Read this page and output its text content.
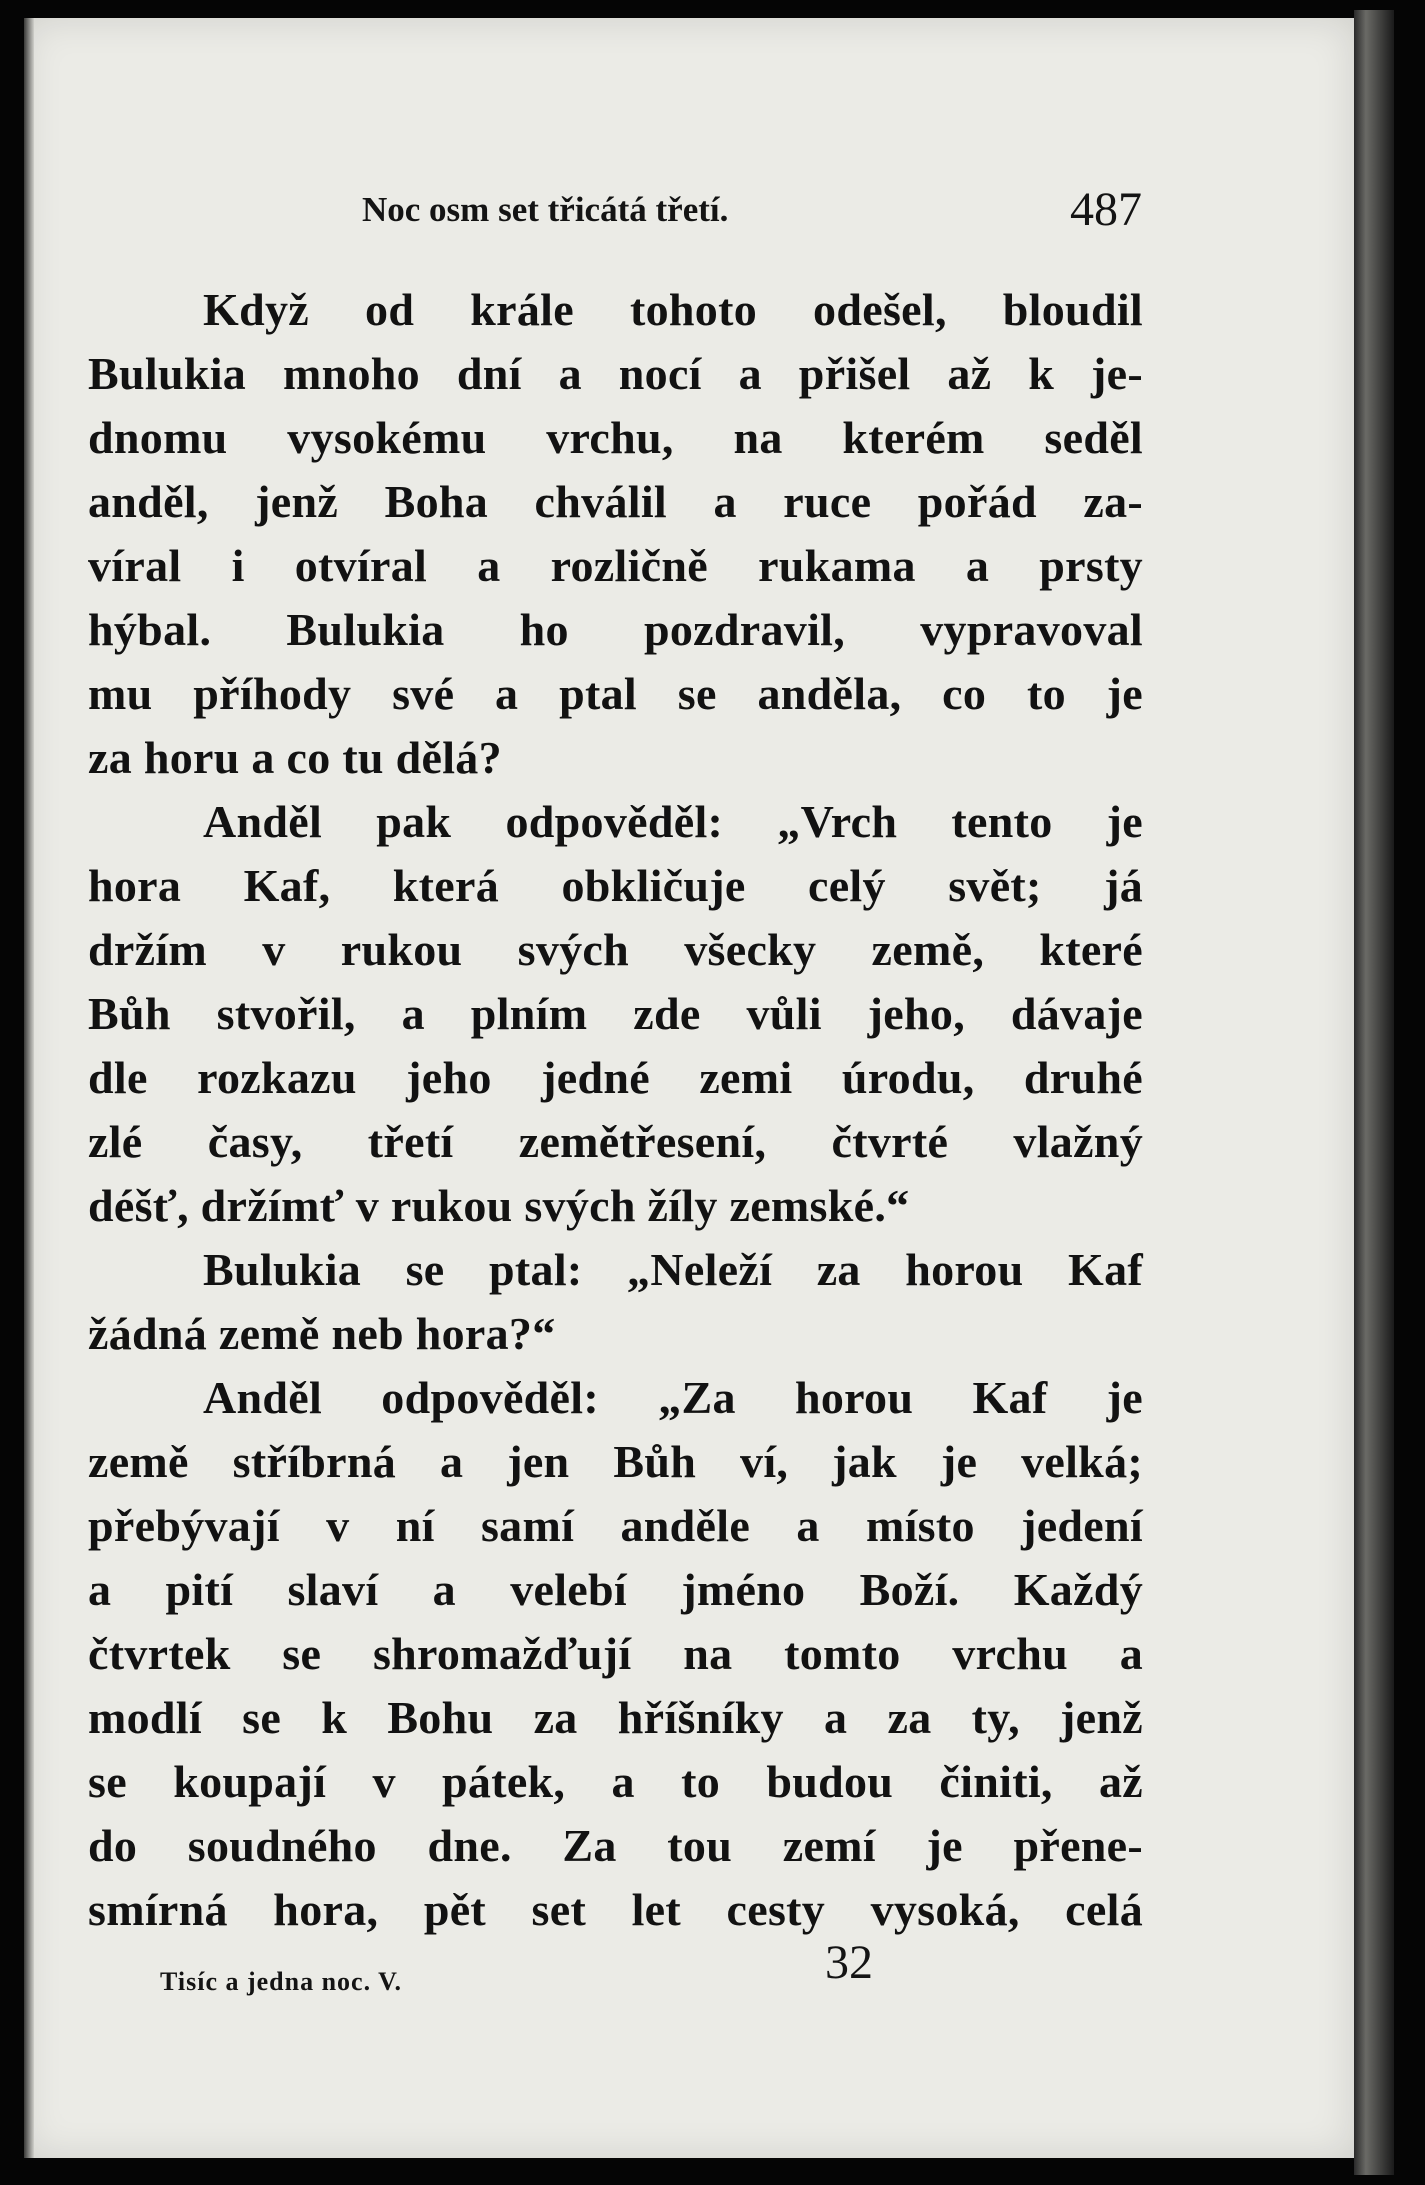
Noc osm set třicátá třetí.	487
Když od krále tohoto odešel, bloudil
Bulukia mnoho dní a nocí a přišel až k je-
dnomu vysokému vrchu, na kterém seděl
anděl, jenž Boha chválil a ruce pořád za-
víral i otvíral a rozličně rukama a prsty
hýbal. Bulukia ho pozdravil, vypravoval
mu příhody své a ptal se anděla, co to je
za horu a co tu dělá?
Anděl pak odpověděl: „Vrch tento je
hora Kaf, která obkličuje celý svět; já
držím v rukou svých všecky země, které
Bůh stvořil, a plním zde vůli jeho, dávaje
dle rozkazu jeho jedné zemi úrodu, druhé
zlé časy, třetí zemětřesení, čtvrté vlažný
déšť, držímť v rukou svých žíly zemské.“
Bulukia se ptal: „Neleží za horou Kaf
žádná země neb hora?“
Anděl odpověděl: „Za horou Kaf je
země stříbrná a jen Bůh ví, jak je velká;
přebývají v ní samí anděle a místo jedení
a pití slaví a velebí jméno Boží. Každý
čtvrtek se shromažďují na tomto vrchu a
modlí se k Bohu za hříšníky a za ty, jenž
se koupají v pátek, a to budou činiti, až
do soudného dne. Za tou zemí je přene-
smírná hora, pět set let cesty vysoká, celá
Tisíc a jedna noc. V.	32
